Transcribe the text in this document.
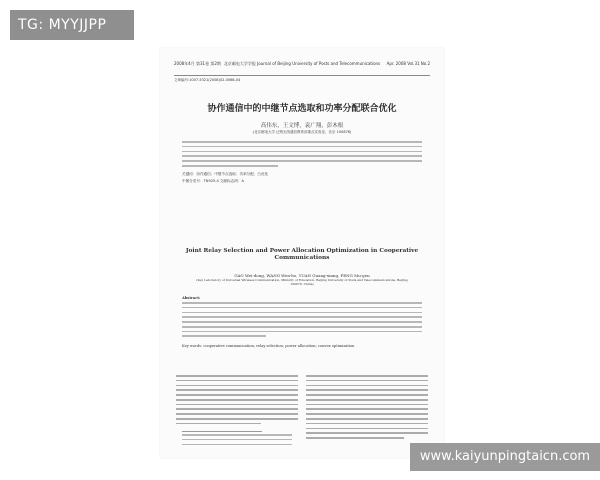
TG: MYYJJPP
2008年4月 第31卷 第2期 北京邮电大学学报 Journal of Beijing University of Posts and Telecommunications	Apr. 2008 Vol.31 No.2
文章编号:1007-5321(2008)02-0068-04
协作通信中的中继节点选取和功率分配联合优化
高伟东，王文博，袁广翔，彭木根
(北京邮电大学 泛网无线通信教育部重点实验室，北京 100876)
关键词：协作通信；中继节点选取；功率分配；凸优化
中图分类号：TN925.4 文献标志码：A
Joint Relay Selection and Power Allocation Optimization in Cooperative Communications
GAO Wei-dong, WANG Wen-bo, YUAN Guang-xiang, PENG Mu-gen
(Key Laboratory of Universal Wireless Communication, Ministry of Education, Beijing University of Posts and Telecommunications, Beijing 100876, China)
Abstract:
Key words: cooperative communication; relay selection; power allocation; convex optimization
www.kaiyunpingtaicn.com
